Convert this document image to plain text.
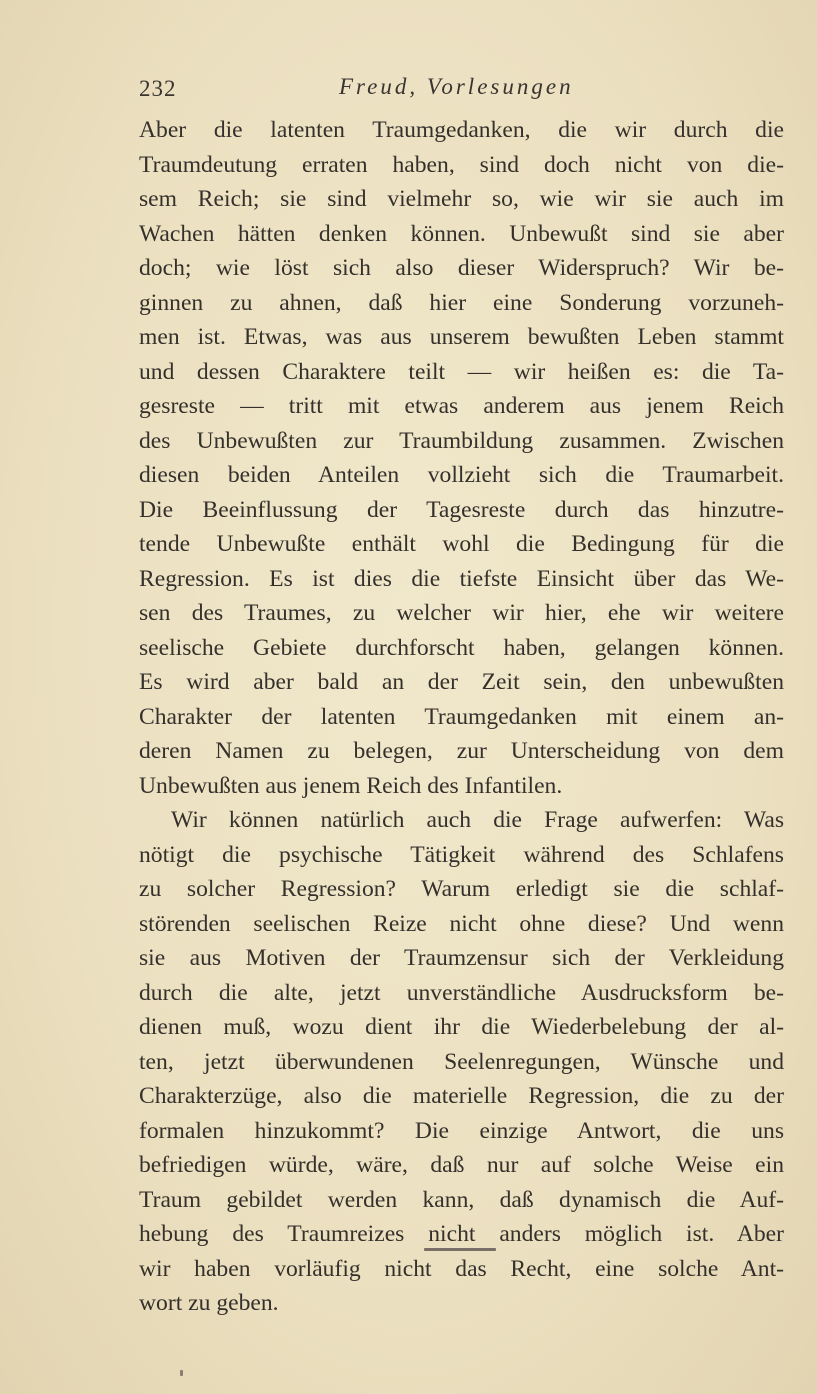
232	Freud, Vorlesungen
Aber die latenten Traumgedanken, die wir durch die
Traumdeutung erraten haben, sind doch nicht von die-
sem Reich; sie sind vielmehr so, wie wir sie auch im
Wachen hätten denken können. Unbewußt sind sie aber
doch; wie löst sich also dieser Widerspruch? Wir be-
ginnen zu ahnen, daß hier eine Sonderung vorzuneh-
men ist. Etwas, was aus unserem bewußten Leben stammt
und dessen Charaktere teilt — wir heißen es: die Ta-
gesreste — tritt mit etwas anderem aus jenem Reich
des Unbewußten zur Traumbildung zusammen. Zwischen
diesen beiden Anteilen vollzieht sich die Traumarbeit.
Die Beeinflussung der Tagesreste durch das hinzutre-
tende Unbewußte enthält wohl die Bedingung für die
Regression. Es ist dies die tiefste Einsicht über das We-
sen des Traumes, zu welcher wir hier, ehe wir weitere
seelische Gebiete durchforscht haben, gelangen können.
Es wird aber bald an der Zeit sein, den unbewußten
Charakter der latenten Traumgedanken mit einem an-
deren Namen zu belegen, zur Unterscheidung von dem
Unbewußten aus jenem Reich des Infantilen.
Wir können natürlich auch die Frage aufwerfen: Was
nötigt die psychische Tätigkeit während des Schlafens
zu solcher Regression? Warum erledigt sie die schlaf-
störenden seelischen Reize nicht ohne diese? Und wenn
sie aus Motiven der Traumzensur sich der Verkleidung
durch die alte, jetzt unverständliche Ausdrucksform be-
dienen muß, wozu dient ihr die Wiederbelebung der al-
ten, jetzt überwundenen Seelenregungen, Wünsche und
Charakterzüge, also die materielle Regression, die zu der
formalen hinzukommt? Die einzige Antwort, die uns
befriedigen würde, wäre, daß nur auf solche Weise ein
Traum gebildet werden kann, daß dynamisch die Auf-
hebung des Traumreizes nicht anders möglich ist. Aber
wir haben vorläufig nicht das Recht, eine solche Ant-
wort zu geben.
